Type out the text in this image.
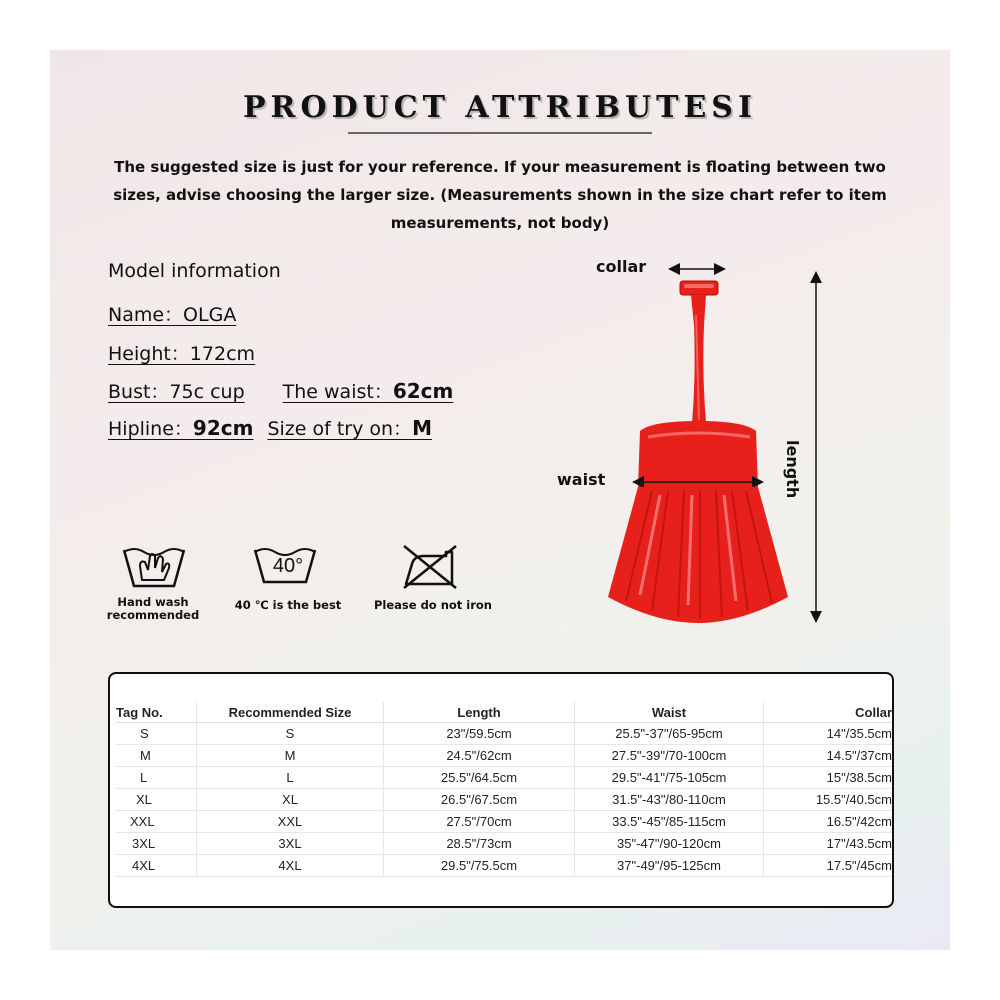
PRODUCT ATTRIBUTESI
The suggested size is just for your reference. If your measurement is floating between two sizes, advise choosing the larger size. (Measurements shown in the size chart refer to item measurements, not body)
Model information
Name：OLGA
Height：172cm
Bust：75c cup The waist：62cm
Hipline：92cm Size of try on：M
Hand wash
recommended
40°
40 ℃ is the best	Please do not iron
collar
waist	length
Tag No.	Recommended Size	Length	Waist	Collar
S	S	23"/59.5cm	25.5"-37"/65-95cm	14"/35.5cm
M	M	24.5"/62cm	27.5"-39"/70-100cm	14.5"/37cm
L	L	25.5"/64.5cm	29.5"-41"/75-105cm	15"/38.5cm
XL	XL	26.5"/67.5cm	31.5"-43"/80-110cm	15.5"/40.5cm
XXL	XXL	27.5"/70cm	33.5"-45"/85-115cm	16.5"/42cm
3XL	3XL	28.5"/73cm	35"-47"/90-120cm	17"/43.5cm
4XL	4XL	29.5"/75.5cm	37"-49"/95-125cm	17.5"/45cm
